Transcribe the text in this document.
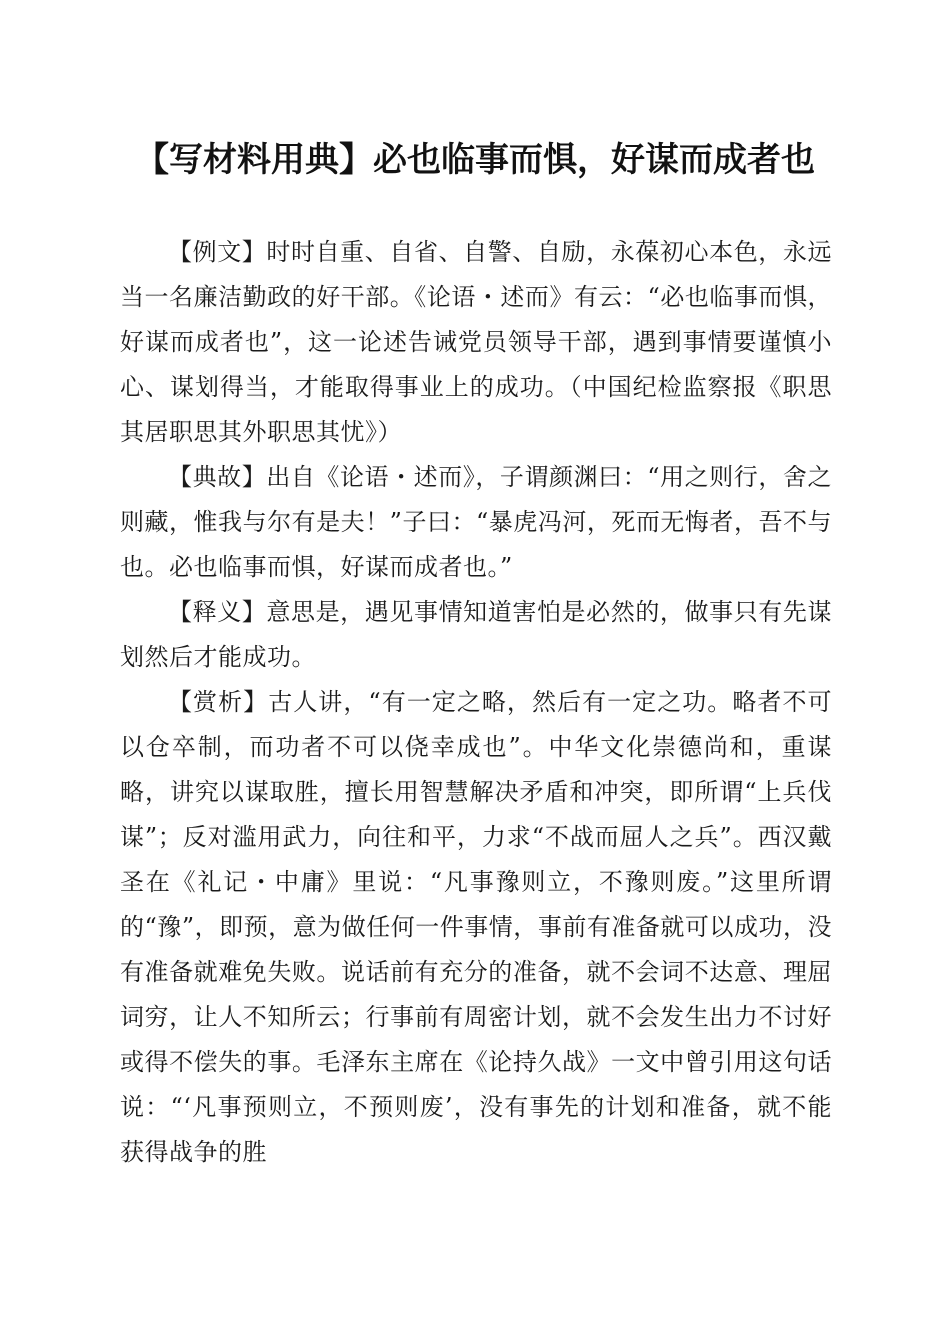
【写材料用典】必也临事而惧，好谋而成者也

【例文】时时自重、自省、自警、自励，永葆初心本色，永远当一名廉洁勤政的好干部。《论语・述而》有云：“必也临事而惧，好谋而成者也”，这一论述告诫党员领导干部，遇到事情要谨慎小心、谋划得当，才能取得事业上的成功。（中国纪检监察报《职思其居职思其外职思其忧》）

【典故】出自《论语・述而》，子谓颜渊曰：“用之则行，舍之则藏，惟我与尔有是夫！”子曰：“暴虎冯河，死而无悔者，吾不与也。必也临事而惧，好谋而成者也。”

【释义】意思是，遇见事情知道害怕是必然的，做事只有先谋划然后才能成功。

【赏析】古人讲，“有一定之略，然后有一定之功。略者不可以仓卒制，而功者不可以侥幸成也”。中华文化崇德尚和，重谋略，讲究以谋取胜，擅长用智慧解决矛盾和冲突，即所谓“上兵伐谋”；反对滥用武力，向往和平，力求“不战而屈人之兵”。西汉戴圣在《礼记・中庸》里说：“凡事豫则立，不豫则废。”这里所谓的“豫”，即预，意为做任何一件事情，事前有准备就可以成功，没有准备就难免失败。说话前有充分的准备，就不会词不达意、理屈词穷，让人不知所云；行事前有周密计划，就不会发生出力不讨好或得不偿失的事。毛泽东主席在《论持久战》一文中曾引用这句话说：“‘凡事预则立，不预则废’，没有事先的计划和准备，就不能获得战争的胜
